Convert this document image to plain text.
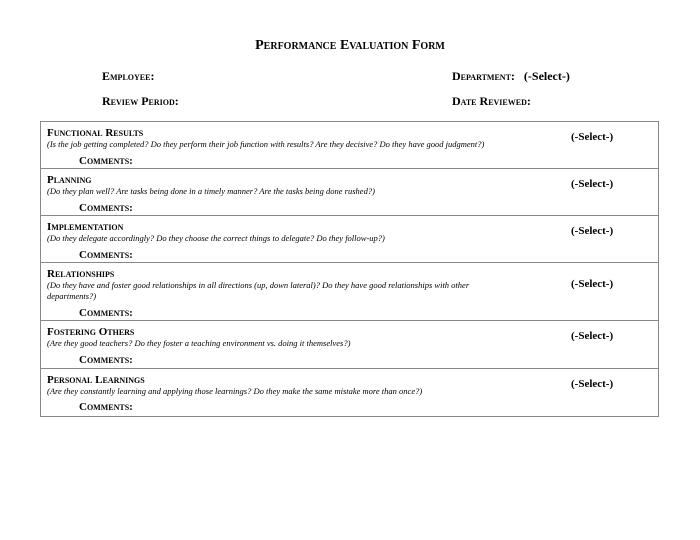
Performance Evaluation Form
Employee:	Department: (-Select-)
Review Period:	Date Reviewed:
Functional Results
(Is the job getting completed? Do they perform their job function with results? Are they decisive? Do they have good judgment?)
Comments:
(-Select-)
Planning
(Do they plan well? Are tasks being done in a timely manner? Are the tasks being done rushed?)
Comments:
(-Select-)
Implementation
(Do they delegate accordingly? Do they choose the correct things to delegate? Do they follow-up?)
Comments:
(-Select-)
Relationships
(Do they have and foster good relationships in all directions (up, down lateral)? Do they have good relationships with other departments?)
Comments:
(-Select-)
Fostering Others
(Are they good teachers? Do they foster a teaching environment vs. doing it themselves?)
Comments:
(-Select-)
Personal Learnings
(Are they constantly learning and applying those learnings? Do they make the same mistake more than once?)
Comments:
(-Select-)
